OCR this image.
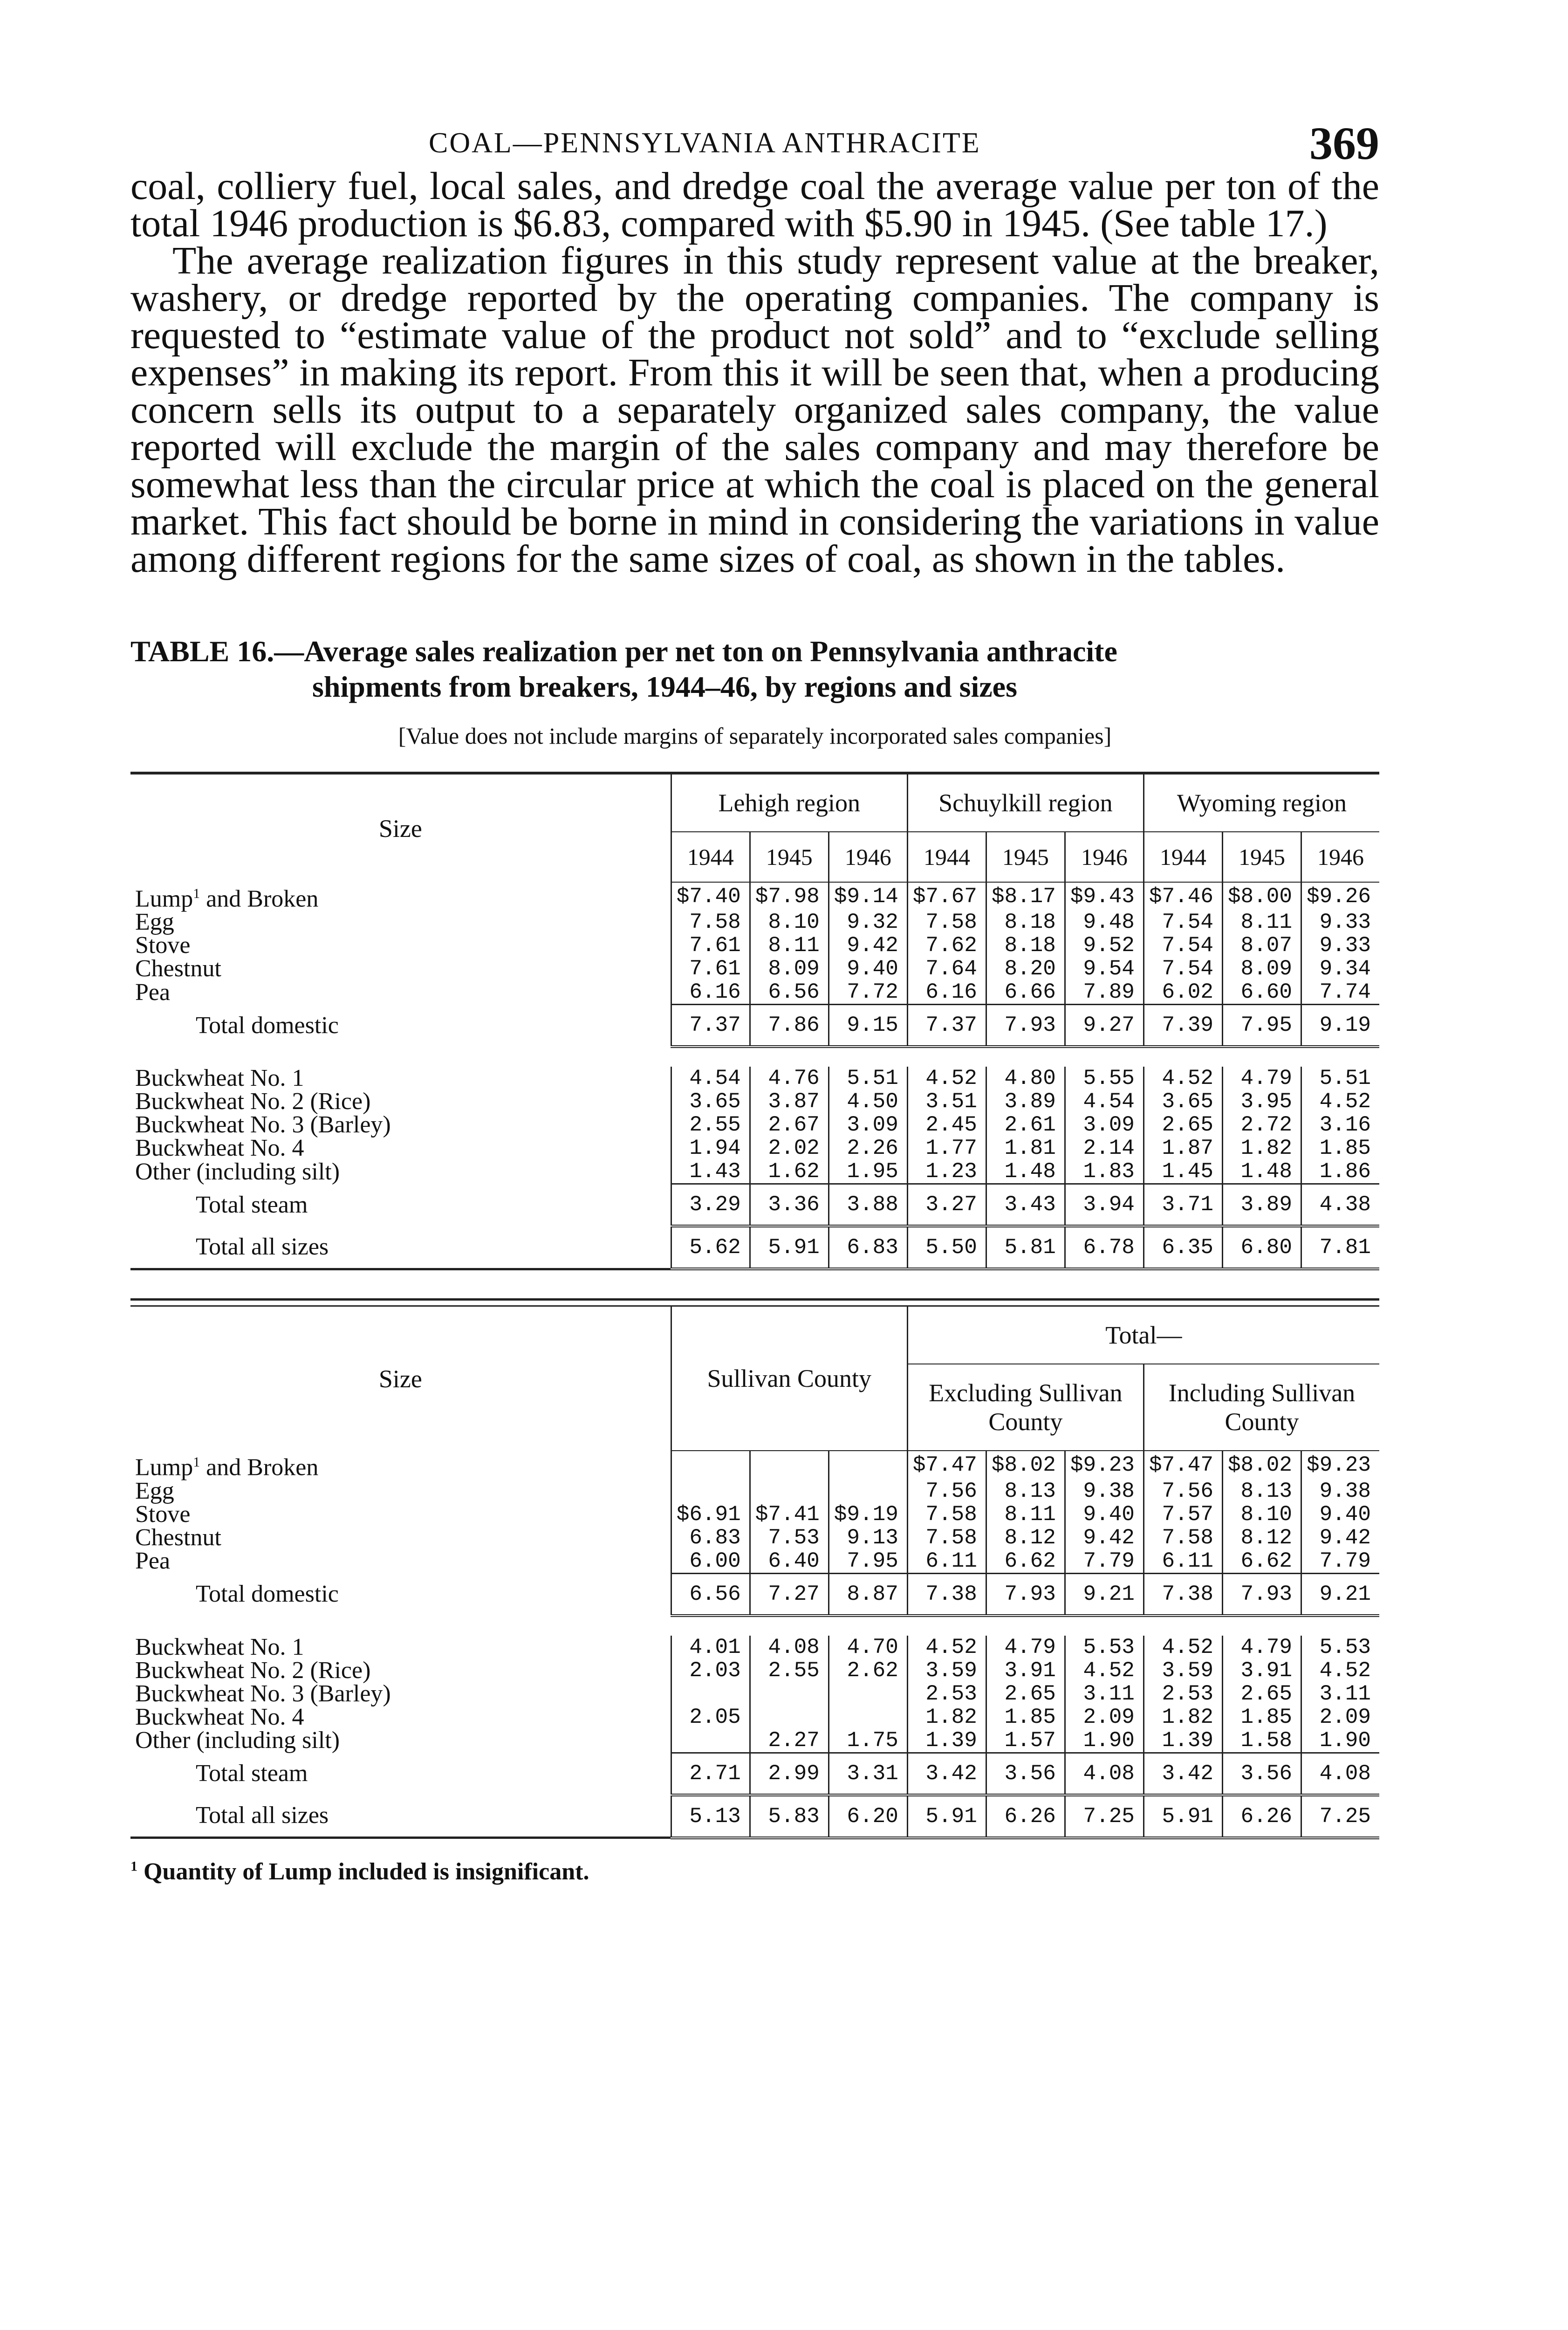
COAL—PENNSYLVANIA ANTHRACITE	369

coal, colliery fuel, local sales, and dredge coal the average value per ton of the total 1946 production is $6.83, compared with $5.90 in 1945. (See table 17.)

The average realization figures in this study represent value at the breaker, washery, or dredge reported by the operating companies. The company is requested to “estimate value of the product not sold” and to “exclude selling expenses” in making its report. From this it will be seen that, when a producing concern sells its output to a separately organized sales company, the value reported will exclude the margin of the sales company and may therefore be somewhat less than the circular price at which the coal is placed on the general market. This fact should be borne in mind in considering the variations in value among different regions for the same sizes of coal, as shown in the tables.

TABLE 16.—Average sales realization per net ton on Pennsylvania anthracite
shipments from breakers, 1944–46, by regions and sizes
[Value does not include margins of separately incorporated sales companies]
Size	Lehigh region			Schuylkill region			Wyoming region		
	1944	1945	1946	1944	1945	1946	1944	1945	1946
Lump$^1$ and Broken	$7.40	$7.98	$9.14	$7.67	$8.17	$9.43	$7.46	$8.00	$9.26
Egg	7.58	8.10	9.32	7.58	8.18	9.48	7.54	8.11	9.33
Stove	7.61	8.11	9.42	7.62	8.18	9.52	7.54	8.07	9.33
Chestnut	7.61	8.09	9.40	7.64	8.20	9.54	7.54	8.09	9.34
Pea	6.16	6.56	7.72	6.16	6.66	7.89	6.02	6.60	7.74
Total domestic	7.37	7.86	9.15	7.37	7.93	9.27	7.39	7.95	9.19

Buckwheat No. 1	4.54	4.76	5.51	4.52	4.80	5.55	4.52	4.79	5.51
Buckwheat No. 2 (Rice)	3.65	3.87	4.50	3.51	3.89	4.54	3.65	3.95	4.52
Buckwheat No. 3 (Barley)	2.55	2.67	3.09	2.45	2.61	3.09	2.65	2.72	3.16
Buckwheat No. 4	1.94	2.02	2.26	1.77	1.81	2.14	1.87	1.82	1.85
Other (including silt)	1.43	1.62	1.95	1.23	1.48	1.83	1.45	1.48	1.86
Total steam	3.29	3.36	3.88	3.27	3.43	3.94	3.71	3.89	4.38
Total all sizes	5.62	5.91	6.83	5.50	5.81	6.78	6.35	6.80	7.81
Size	Sullivan County			Total—					
				Excluding Sullivan County			Including Sullivan County		
Lump$^1$ and Broken				$7.47	$8.02	$9.23	$7.47	$8.02	$9.23
Egg				7.56	8.13	9.38	7.56	8.13	9.38
Stove	$6.91	$7.41	$9.19	7.58	8.11	9.40	7.57	8.10	9.40
Chestnut	6.83	7.53	9.13	7.58	8.12	9.42	7.58	8.12	9.42
Pea	6.00	6.40	7.95	6.11	6.62	7.79	6.11	6.62	7.79
Total domestic	6.56	7.27	8.87	7.38	7.93	9.21	7.38	7.93	9.21

Buckwheat No. 1	4.01	4.08	4.70	4.52	4.79	5.53	4.52	4.79	5.53
Buckwheat No. 2 (Rice)	2.03	2.55	2.62	3.59	3.91	4.52	3.59	3.91	4.52
Buckwheat No. 3 (Barley)				2.53	2.65	3.11	2.53	2.65	3.11
Buckwheat No. 4	2.05			1.82	1.85	2.09	1.82	1.85	2.09
Other (including silt)		2.27	1.75	1.39	1.57	1.90	1.39	1.58	1.90
Total steam	2.71	2.99	3.31	3.42	3.56	4.08	3.42	3.56	4.08
Total all sizes	5.13	5.83	6.20	5.91	6.26	7.25	5.91	6.26	7.25
$^1$ Quantity of Lump included is insignificant.
